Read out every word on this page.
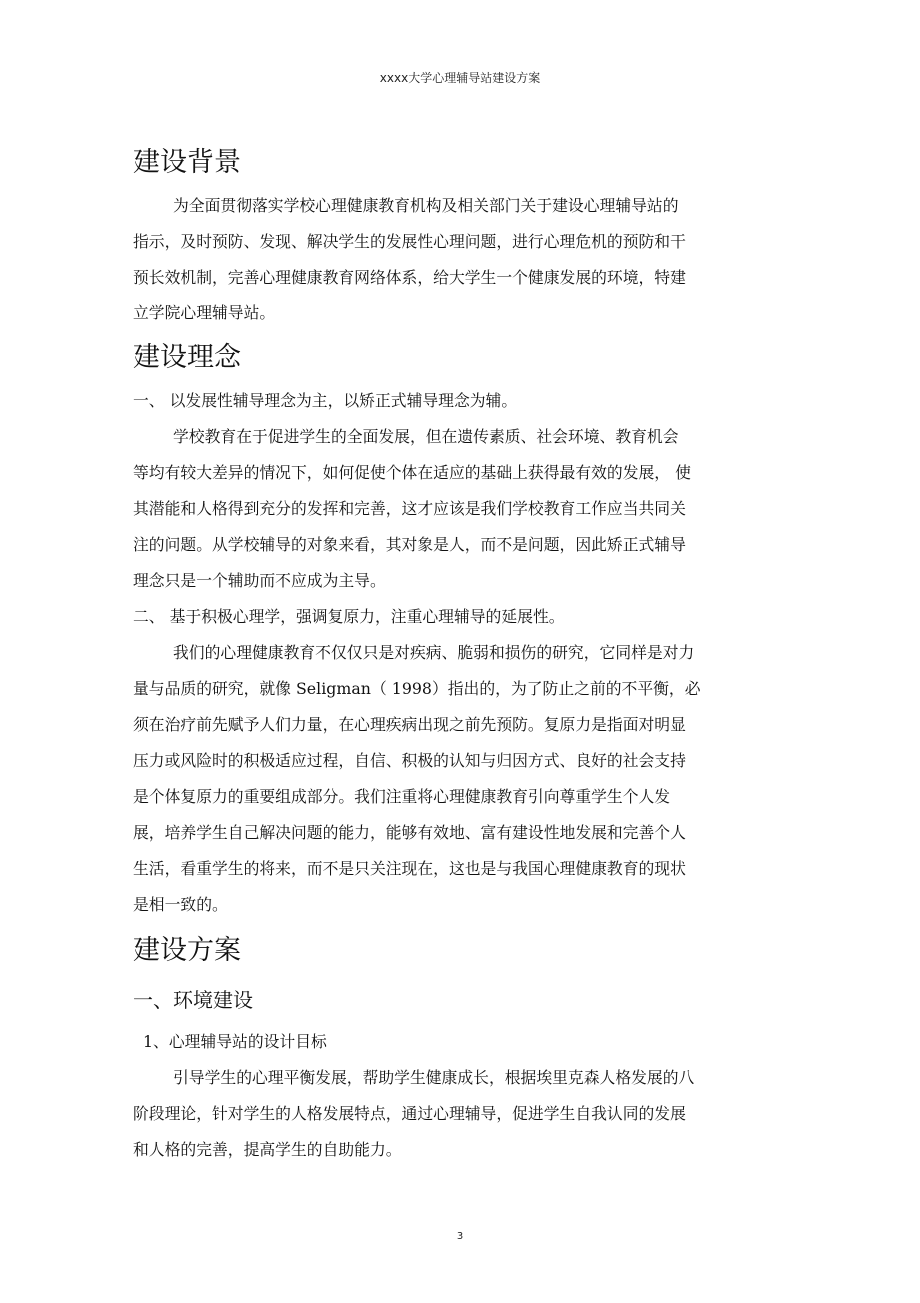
xxxx大学心理辅导站建设方案
建设背景
为全面贯彻落实学校心理健康教育机构及相关部门关于建设心理辅导站的
指示，及时预防、发现、解决学生的发展性心理问题，进行心理危机的预防和干
预长效机制，完善心理健康教育网络体系，给大学生一个健康发展的环境，特建
立学院心理辅导站。
建设理念
一、 以发展性辅导理念为主，以矫正式辅导理念为辅。
学校教育在于促进学生的全面发展，但在遗传素质、社会环境、教育机会
等均有较大差异的情况下，如何促使个体在适应的基础上获得最有效的发展， 使
其潜能和人格得到充分的发挥和完善，这才应该是我们学校教育工作应当共同关
注的问题。从学校辅导的对象来看，其对象是人，而不是问题，因此矫正式辅导
理念只是一个辅助而不应成为主导。
二、 基于积极心理学，强调复原力，注重心理辅导的延展性。
我们的心理健康教育不仅仅只是对疾病、脆弱和损伤的研究，它同样是对力
量与品质的研究，就像 Seligman（ 1998）指出的，为了防止之前的不平衡，必
须在治疗前先赋予人们力量，在心理疾病出现之前先预防。复原力是指面对明显
压力或风险时的积极适应过程，自信、积极的认知与归因方式、良好的社会支持
是个体复原力的重要组成部分。我们注重将心理健康教育引向尊重学生个人发
展，培养学生自己解决问题的能力，能够有效地、富有建设性地发展和完善个人
生活，看重学生的将来，而不是只关注现在，这也是与我国心理健康教育的现状
是相一致的。
建设方案
一、环境建设
1、心理辅导站的设计目标
引导学生的心理平衡发展，帮助学生健康成长，根据埃里克森人格发展的八
阶段理论，针对学生的人格发展特点，通过心理辅导，促进学生自我认同的发展
和人格的完善，提高学生的自助能力。
3
